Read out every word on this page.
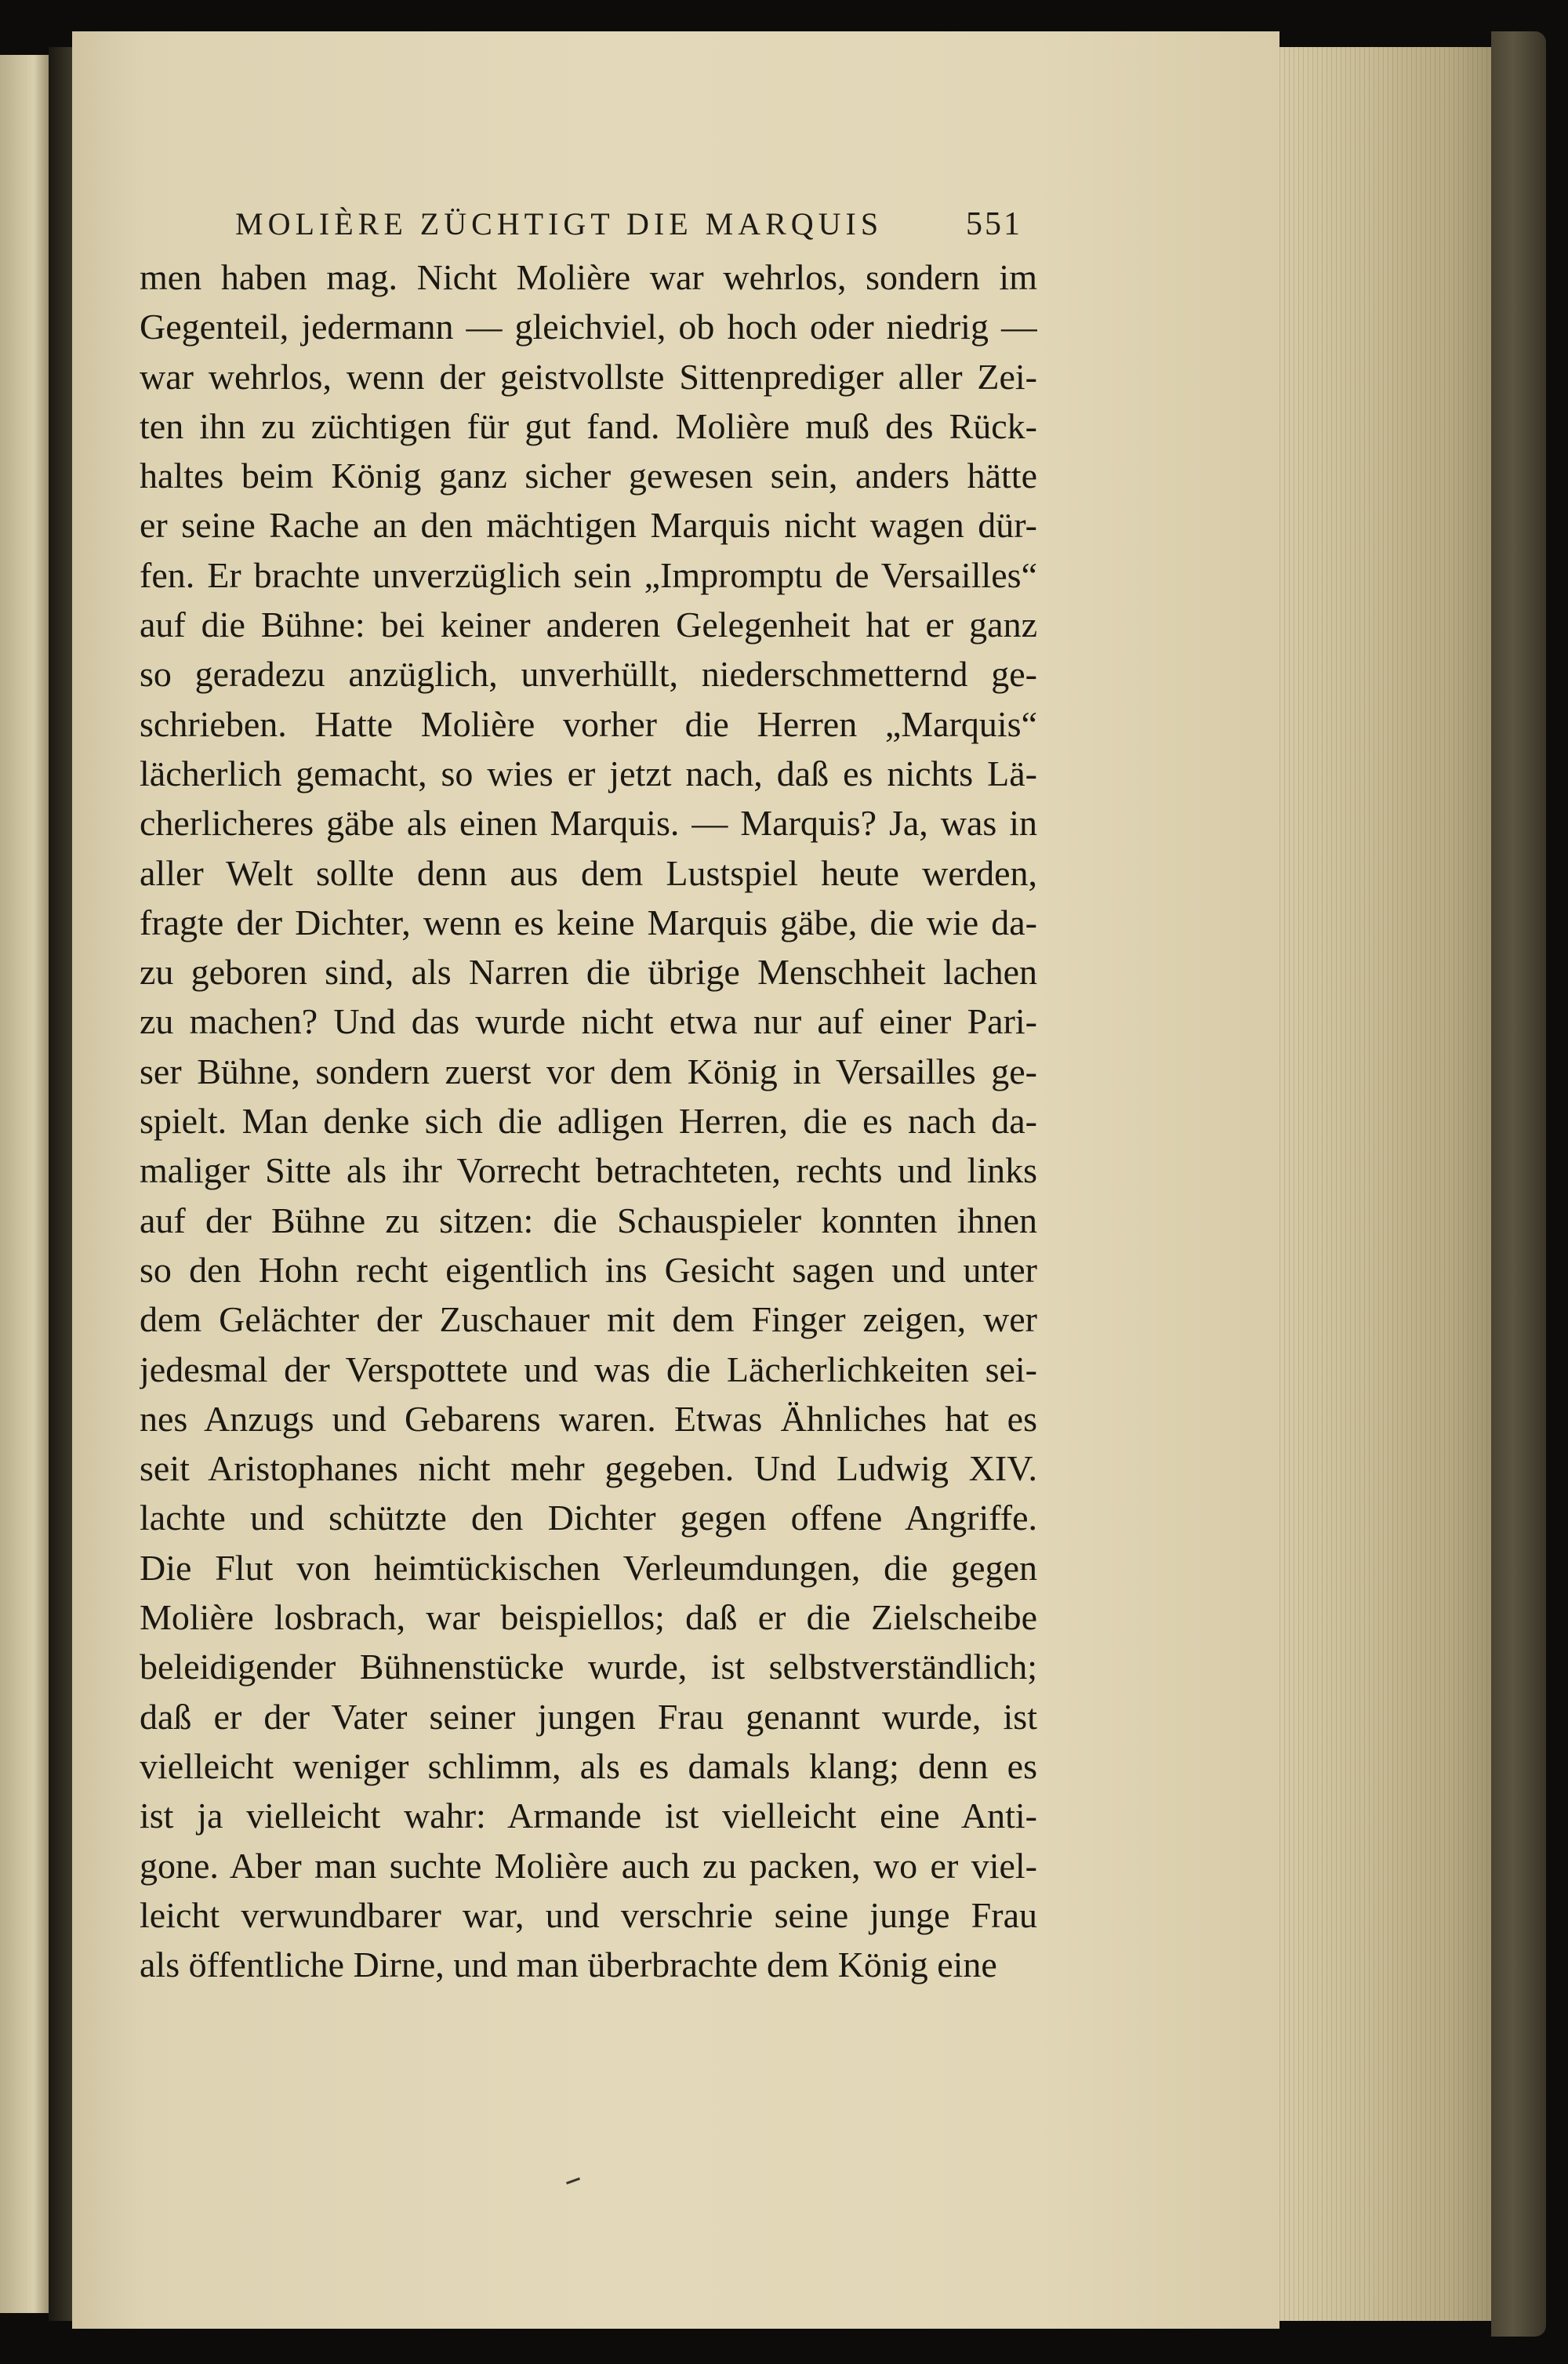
MOLIÈRE ZÜCHTIGT DIE MARQUIS	551
men haben mag. Nicht Molière war wehrlos, sondern im
Gegenteil, jedermann — gleichviel, ob hoch oder niedrig —
war wehrlos, wenn der geistvollste Sittenprediger aller Zei-
ten ihn zu züchtigen für gut fand. Molière muß des Rück-
haltes beim König ganz sicher gewesen sein, anders hätte
er seine Rache an den mächtigen Marquis nicht wagen dür-
fen. Er brachte unverzüglich sein „Impromptu de Versailles“
auf die Bühne: bei keiner anderen Gelegenheit hat er ganz
so geradezu anzüglich, unverhüllt, niederschmetternd ge-
schrieben. Hatte Molière vorher die Herren „Marquis“
lächerlich gemacht, so wies er jetzt nach, daß es nichts Lä-
cherlicheres gäbe als einen Marquis. — Marquis? Ja, was in
aller Welt sollte denn aus dem Lustspiel heute werden,
fragte der Dichter, wenn es keine Marquis gäbe, die wie da-
zu geboren sind, als Narren die übrige Menschheit lachen
zu machen? Und das wurde nicht etwa nur auf einer Pari-
ser Bühne, sondern zuerst vor dem König in Versailles ge-
spielt. Man denke sich die adligen Herren, die es nach da-
maliger Sitte als ihr Vorrecht betrachteten, rechts und links
auf der Bühne zu sitzen: die Schauspieler konnten ihnen
so den Hohn recht eigentlich ins Gesicht sagen und unter
dem Gelächter der Zuschauer mit dem Finger zeigen, wer
jedesmal der Verspottete und was die Lächerlichkeiten sei-
nes Anzugs und Gebarens waren. Etwas Ähnliches hat es
seit Aristophanes nicht mehr gegeben. Und Ludwig XIV.
lachte und schützte den Dichter gegen offene Angriffe.
Die Flut von heimtückischen Verleumdungen, die gegen
Molière losbrach, war beispiellos; daß er die Zielscheibe
beleidigender Bühnenstücke wurde, ist selbstverständlich;
daß er der Vater seiner jungen Frau genannt wurde, ist
vielleicht weniger schlimm, als es damals klang; denn es
ist ja vielleicht wahr: Armande ist vielleicht eine Anti-
gone. Aber man suchte Molière auch zu packen, wo er viel-
leicht verwundbarer war, und verschrie seine junge Frau
als öffentliche Dirne, und man überbrachte dem König eine
